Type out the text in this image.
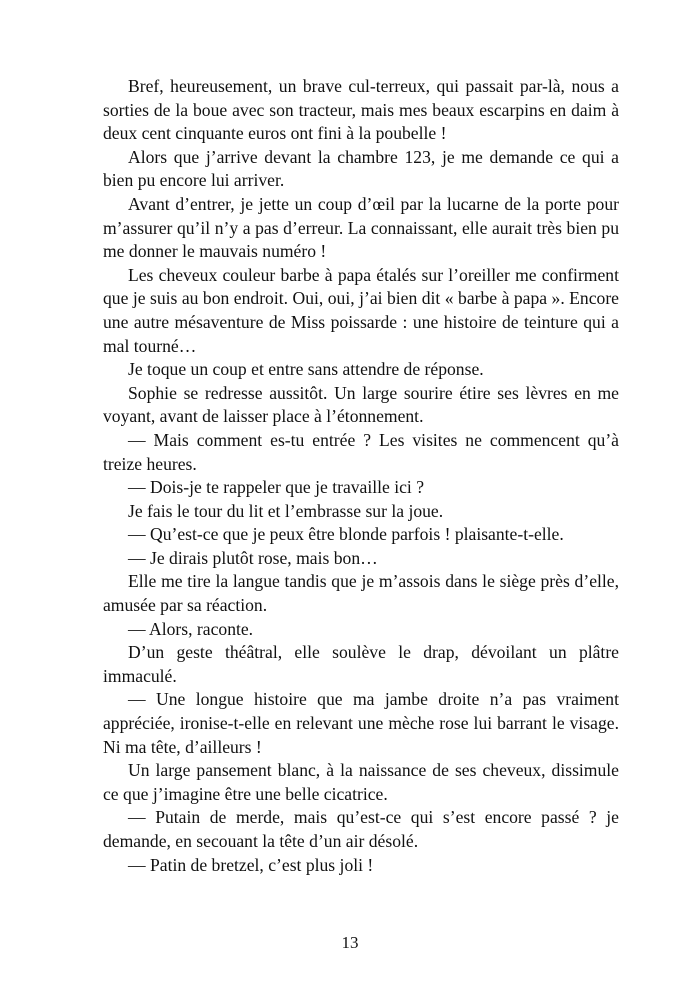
Bref, heureusement, un brave cul-terreux, qui passait par-là, nous a sorties de la boue avec son tracteur, mais mes beaux escarpins en daim à deux cent cinquante euros ont fini à la poubelle !

Alors que j’arrive devant la chambre 123, je me demande ce qui a bien pu encore lui arriver.

Avant d’entrer, je jette un coup d’œil par la lucarne de la porte pour m’assurer qu’il n’y a pas d’erreur. La connaissant, elle aurait très bien pu me donner le mauvais numéro !

Les cheveux couleur barbe à papa étalés sur l’oreiller me confirment que je suis au bon endroit. Oui, oui, j’ai bien dit « barbe à papa ». Encore une autre mésaventure de Miss poissarde : une histoire de teinture qui a mal tourné…

Je toque un coup et entre sans attendre de réponse.

Sophie se redresse aussitôt. Un large sourire étire ses lèvres en me voyant, avant de laisser place à l’étonnement.

— Mais comment es-tu entrée ? Les visites ne commencent qu’à treize heures.

— Dois-je te rappeler que je travaille ici ?

Je fais le tour du lit et l’embrasse sur la joue.

— Qu’est-ce que je peux être blonde parfois ! plaisante-t-elle.

— Je dirais plutôt rose, mais bon…

Elle me tire la langue tandis que je m’assois dans le siège près d’elle, amusée par sa réaction.

— Alors, raconte.

D’un geste théâtral, elle soulève le drap, dévoilant un plâtre immaculé.

— Une longue histoire que ma jambe droite n’a pas vraiment appréciée, ironise-t-elle en relevant une mèche rose lui barrant le visage. Ni ma tête, d’ailleurs !

Un large pansement blanc, à la naissance de ses cheveux, dissimule ce que j’imagine être une belle cicatrice.

— Putain de merde, mais qu’est-ce qui s’est encore passé ? je demande, en secouant la tête d’un air désolé.

— Patin de bretzel, c’est plus joli !

13
